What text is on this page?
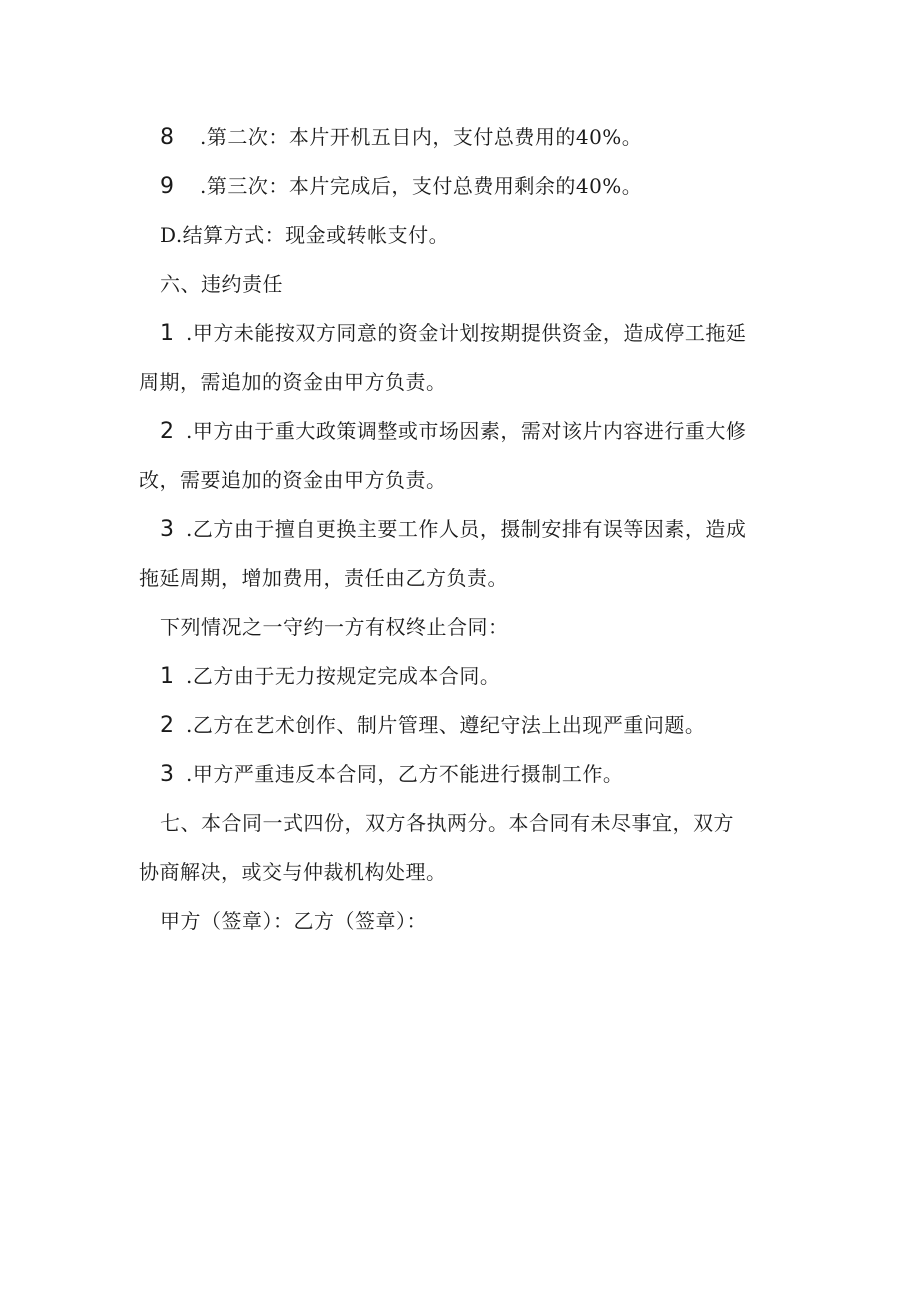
8 .第二次：本片开机五日内，支付总费用的40%。
9 .第三次：本片完成后，支付总费用剩余的40%。
D.结算方式：现金或转帐支付。
六、违约责任
1 .甲方未能按双方同意的资金计划按期提供资金，造成停工拖延
周期，需追加的资金由甲方负责。
2 .甲方由于重大政策调整或市场因素，需对该片内容进行重大修
改，需要追加的资金由甲方负责。
3 .乙方由于擅自更换主要工作人员，摄制安排有误等因素，造成
拖延周期，增加费用，责任由乙方负责。
下列情况之一守约一方有权终止合同：
1 .乙方由于无力按规定完成本合同。
2 .乙方在艺术创作、制片管理、遵纪守法上出现严重问题。
3 .甲方严重违反本合同，乙方不能进行摄制工作。
七、本合同一式四份，双方各执两分。本合同有未尽事宜，双方
协商解决，或交与仲裁机构处理。
甲方（签章）：乙方（签章）：
